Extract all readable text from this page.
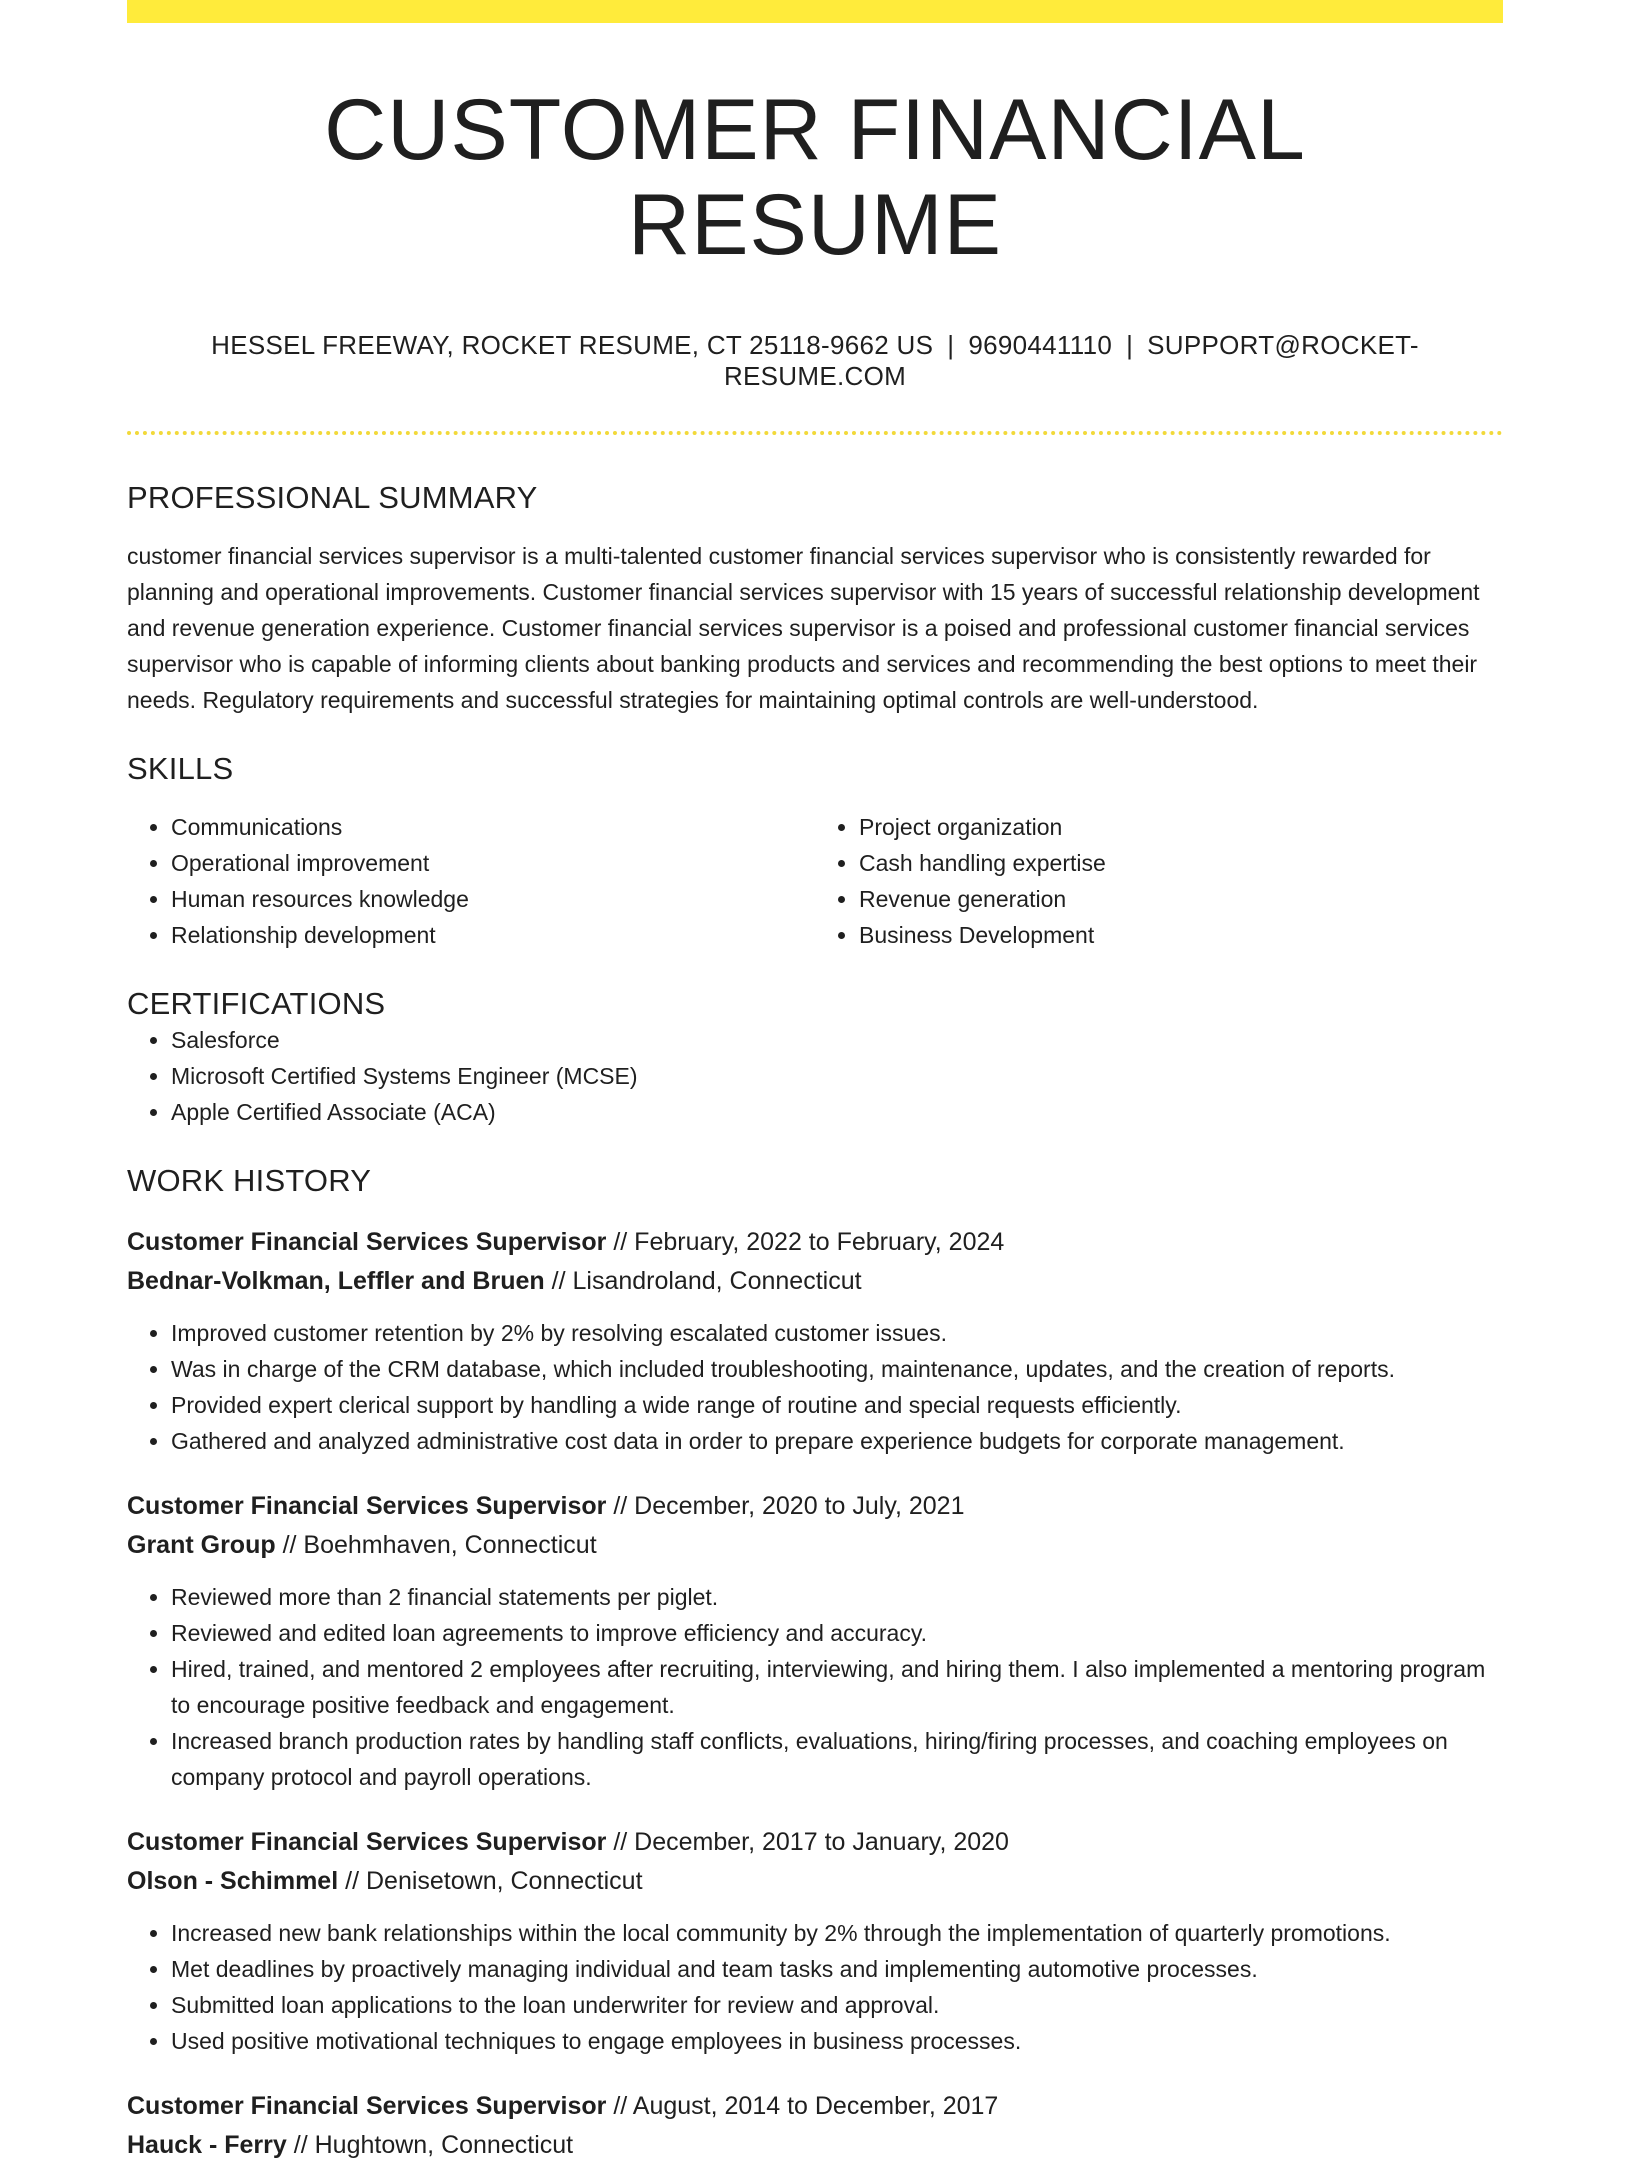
CUSTOMER FINANCIAL RESUME
HESSEL FREEWAY, ROCKET RESUME, CT 25118-9662 US | 9690441110 | SUPPORT@ROCKET-RESUME.COM
PROFESSIONAL SUMMARY

customer financial services supervisor is a multi-talented customer financial services supervisor who is consistently rewarded for planning and operational improvements. Customer financial services supervisor with 15 years of successful relationship development and revenue generation experience. Customer financial services supervisor is a poised and professional customer financial services supervisor who is capable of informing clients about banking products and services and recommending the best options to meet their needs. Regulatory requirements and successful strategies for maintaining optimal controls are well-understood.

SKILLS
• Communications
• Operational improvement
• Human resources knowledge
• Relationship development
• Project organization
• Cash handling expertise
• Revenue generation
• Business Development
CERTIFICATIONS
• Salesforce
• Microsoft Certified Systems Engineer (MCSE)
• Apple Certified Associate (ACA)
WORK HISTORY
Customer Financial Services Supervisor // February, 2022 to February, 2024
Bednar-Volkman, Leffler and Bruen // Lisandroland, Connecticut
• Improved customer retention by 2% by resolving escalated customer issues.
• Was in charge of the CRM database, which included troubleshooting, maintenance, updates, and the creation of reports.
• Provided expert clerical support by handling a wide range of routine and special requests efficiently.
• Gathered and analyzed administrative cost data in order to prepare experience budgets for corporate management.
Customer Financial Services Supervisor // December, 2020 to July, 2021
Grant Group // Boehmhaven, Connecticut
• Reviewed more than 2 financial statements per piglet.
• Reviewed and edited loan agreements to improve efficiency and accuracy.
• Hired, trained, and mentored 2 employees after recruiting, interviewing, and hiring them. I also implemented a mentoring program to encourage positive feedback and engagement.
• Increased branch production rates by handling staff conflicts, evaluations, hiring/firing processes, and coaching employees on company protocol and payroll operations.
Customer Financial Services Supervisor // December, 2017 to January, 2020
Olson - Schimmel // Denisetown, Connecticut
• Increased new bank relationships within the local community by 2% through the implementation of quarterly promotions.
• Met deadlines by proactively managing individual and team tasks and implementing automotive processes.
• Submitted loan applications to the loan underwriter for review and approval.
• Used positive motivational techniques to engage employees in business processes.
Customer Financial Services Supervisor // August, 2014 to December, 2017
Hauck - Ferry // Hughtown, Connecticut
